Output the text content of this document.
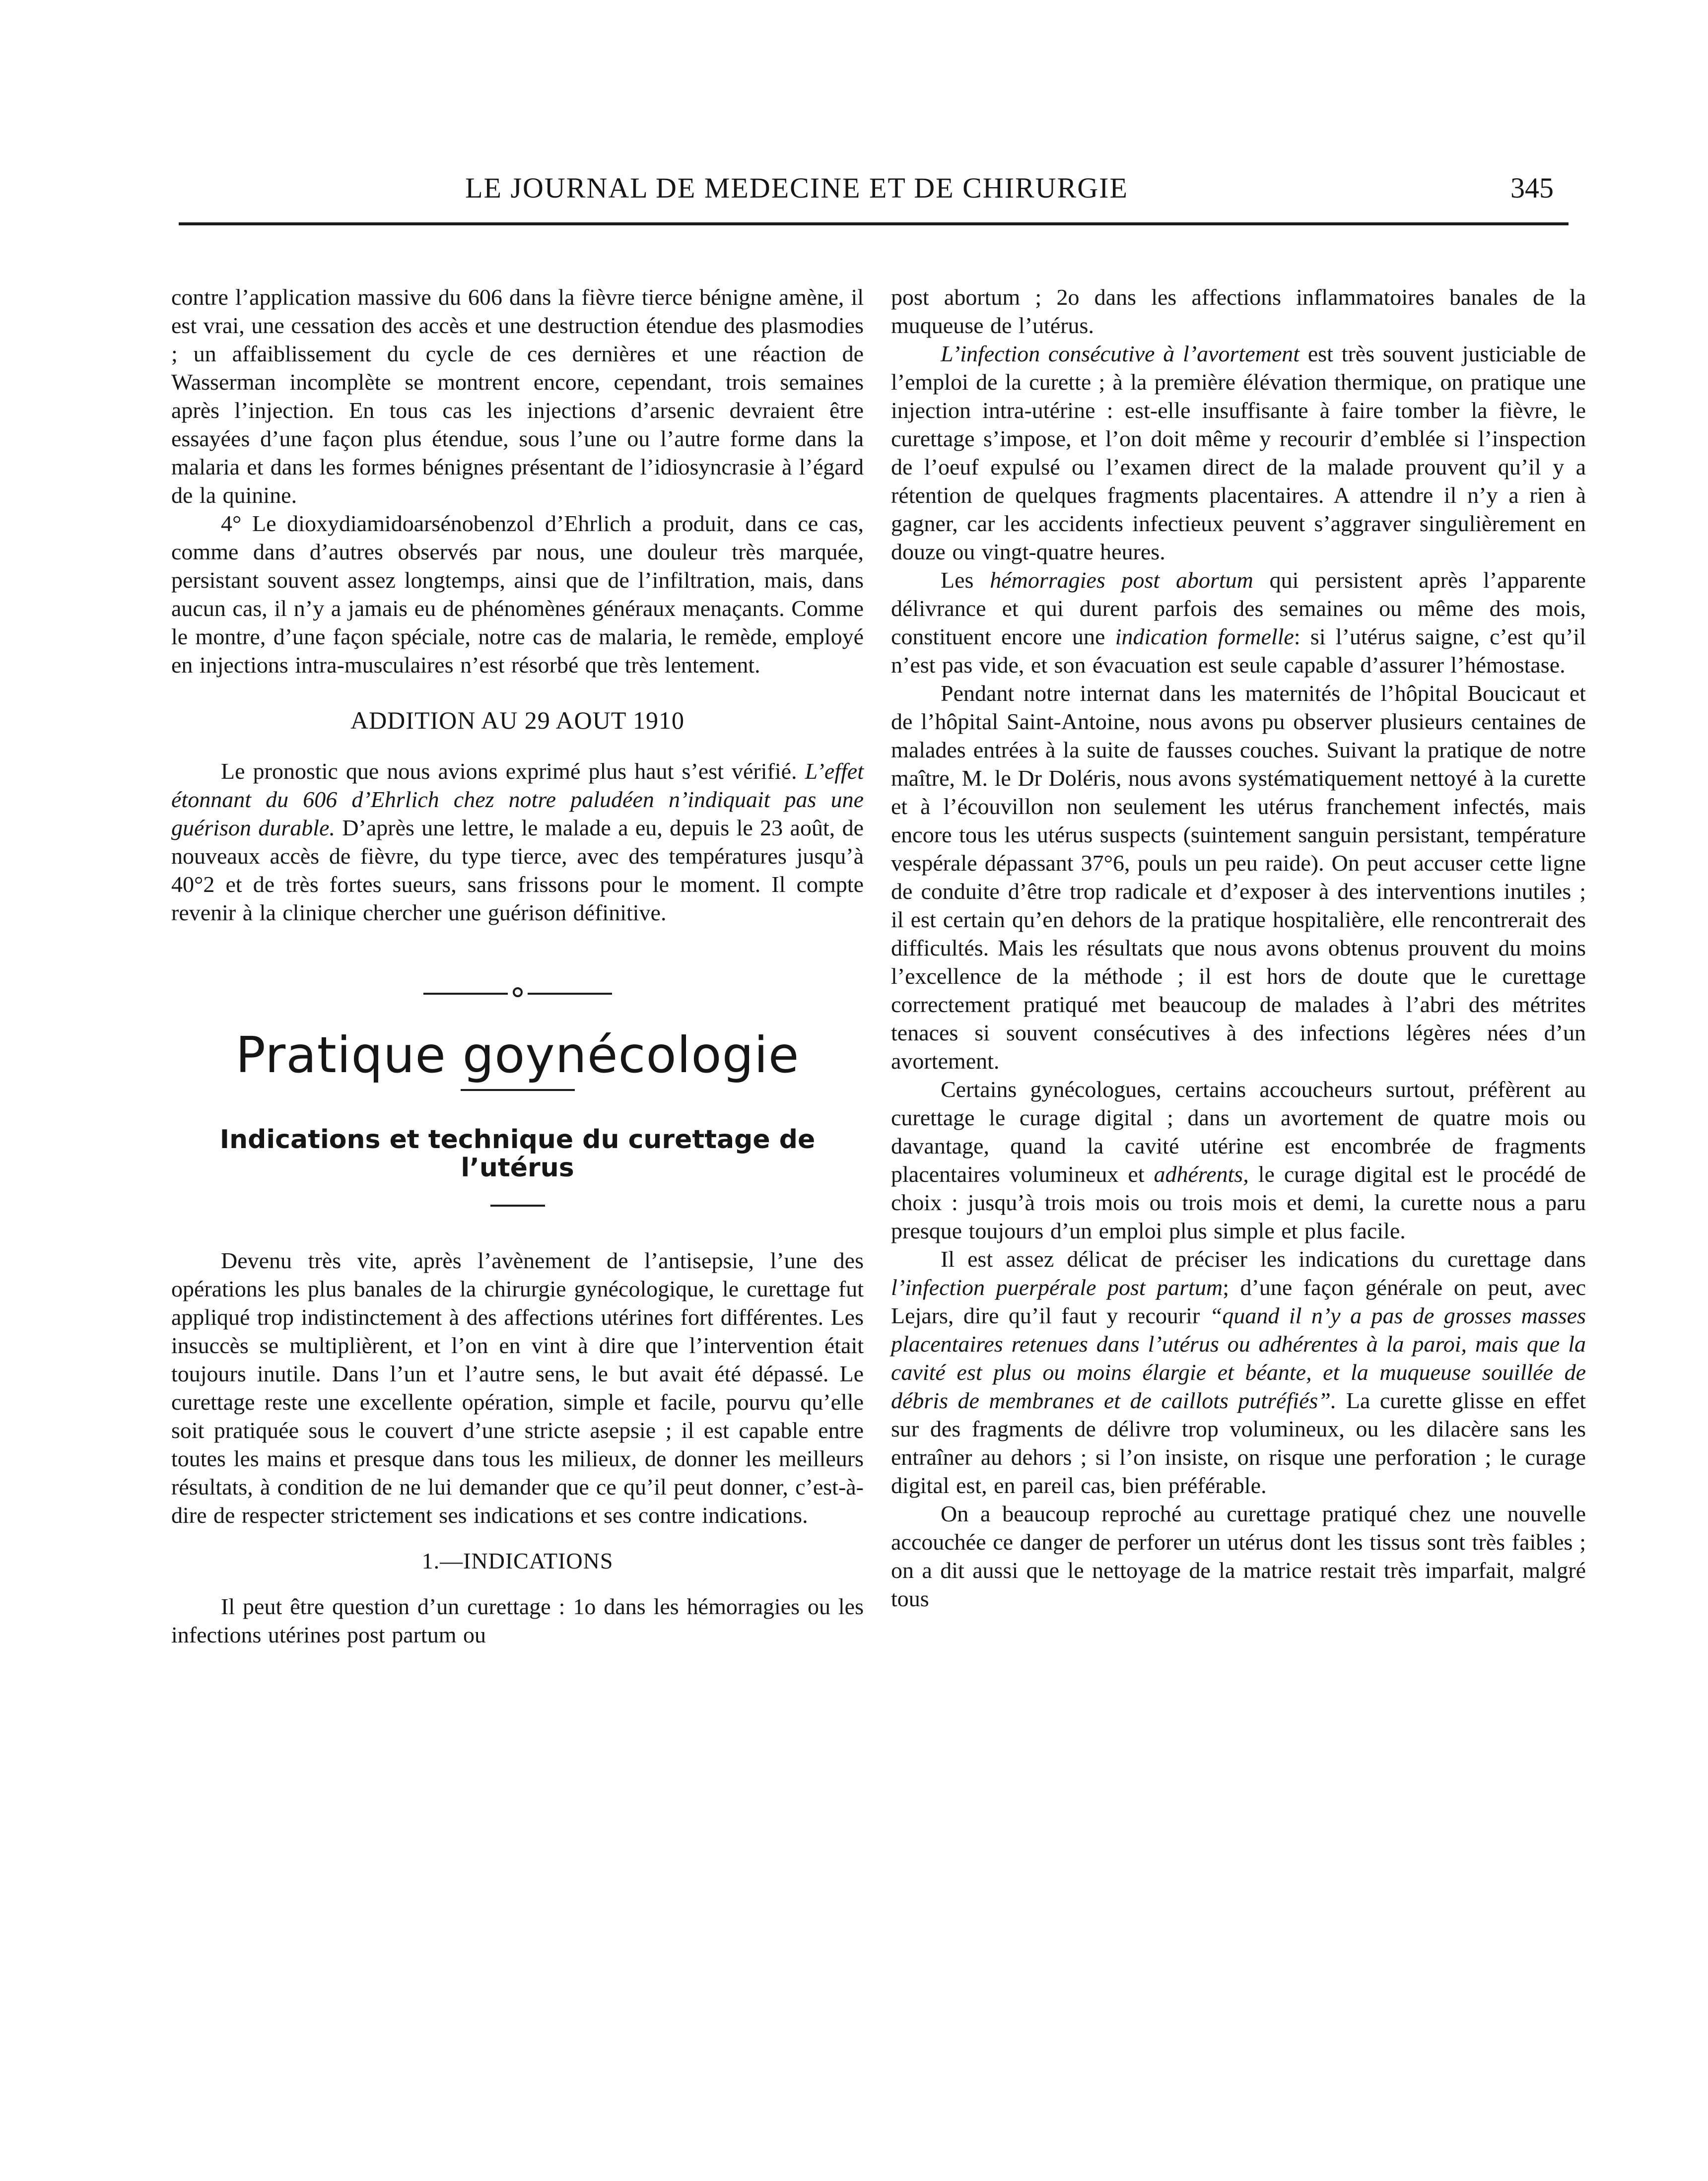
LE JOURNAL DE MEDECINE ET DE CHIRURGIE	345

contre l’application massive du 606 dans la fièvre tierce bénigne amène, il est vrai, une cessation des accès et une destruction étendue des plasmodies ; un affaiblissement du cycle de ces dernières et une réaction de Wasserman incomplète se montrent encore, cependant, trois semaines après l’injection. En tous cas les injections d’arsenic devraient être essayées d’une façon plus étendue, sous l’une ou l’autre forme dans la malaria et dans les formes bénignes présentant de l’idiosyncrasie à l’égard de la quinine.

4° Le dioxydiamidoarsénobenzol d’Ehrlich a produit, dans ce cas, comme dans d’autres observés par nous, une douleur très marquée, persistant souvent assez longtemps, ainsi que de l’infiltration, mais, dans aucun cas, il n’y a jamais eu de phénomènes généraux menaçants. Comme le montre, d’une façon spéciale, notre cas de malaria, le remède, employé en injections intra-musculaires n’est résorbé que très lentement.

ADDITION AU 29 AOUT 1910

Le pronostic que nous avions exprimé plus haut s’est vérifié. L’effet étonnant du 606 d’Ehrlich chez notre paludéen n’indiquait pas une guérison durable. D’après une lettre, le malade a eu, depuis le 23 août, de nouveaux accès de fièvre, du type tierce, avec des températures jusqu’à 40°2 et de très fortes sueurs, sans frissons pour le moment. Il compte revenir à la clinique chercher une guérison définitive.

Pratique goynécologie
Indications et technique du curettage de l’utérus

Devenu très vite, après l’avènement de l’antisepsie, l’une des opérations les plus banales de la chirurgie gynécologique, le curettage fut appliqué trop indistinctement à des affections utérines fort différentes. Les insuccès se multiplièrent, et l’on en vint à dire que l’intervention était toujours inutile. Dans l’un et l’autre sens, le but avait été dépassé. Le curettage reste une excellente opération, simple et facile, pourvu qu’elle soit pratiquée sous le couvert d’une stricte asepsie ; il est capable entre toutes les mains et presque dans tous les milieux, de donner les meilleurs résultats, à condition de ne lui demander que ce qu’il peut donner, c’est-à-dire de respecter strictement ses indications et ses contre indications.

1.—INDICATIONS

Il peut être question d’un curettage : 1o dans les hémorragies ou les infections utérines post partum ou

post abortum ; 2o dans les affections inflammatoires banales de la muqueuse de l’utérus.

L’infection consécutive à l’avortement est très souvent justiciable de l’emploi de la curette ; à la première élévation thermique, on pratique une injection intra-utérine : est-elle insuffisante à faire tomber la fièvre, le curettage s’impose, et l’on doit même y recourir d’emblée si l’inspection de l’oeuf expulsé ou l’examen direct de la malade prouvent qu’il y a rétention de quelques fragments placentaires. A attendre il n’y a rien à gagner, car les accidents infectieux peuvent s’aggraver singulièrement en douze ou vingt-quatre heures.

Les hémorragies post abortum qui persistent après l’apparente délivrance et qui durent parfois des semaines ou même des mois, constituent encore une indication formelle: si l’utérus saigne, c’est qu’il n’est pas vide, et son évacuation est seule capable d’assurer l’hémostase.

Pendant notre internat dans les maternités de l’hôpital Boucicaut et de l’hôpital Saint-Antoine, nous avons pu observer plusieurs centaines de malades entrées à la suite de fausses couches. Suivant la pratique de notre maître, M. le Dr Doléris, nous avons systématiquement nettoyé à la curette et à l’écouvillon non seulement les utérus franchement infectés, mais encore tous les utérus suspects (suintement sanguin persistant, température vespérale dépassant 37°6, pouls un peu raide). On peut accuser cette ligne de conduite d’être trop radicale et d’exposer à des interventions inutiles ; il est certain qu’en dehors de la pratique hospitalière, elle rencontrerait des difficultés. Mais les résultats que nous avons obtenus prouvent du moins l’excellence de la méthode ; il est hors de doute que le curettage correctement pratiqué met beaucoup de malades à l’abri des métrites tenaces si souvent consécutives à des infections légères nées d’un avortement.

Certains gynécologues, certains accoucheurs surtout, préfèrent au curettage le curage digital ; dans un avortement de quatre mois ou davantage, quand la cavité utérine est encombrée de fragments placentaires volumineux et adhérents, le curage digital est le procédé de choix : jusqu’à trois mois ou trois mois et demi, la curette nous a paru presque toujours d’un emploi plus simple et plus facile.

Il est assez délicat de préciser les indications du curettage dans l’infection puerpérale post partum; d’une façon générale on peut, avec Lejars, dire qu’il faut y recourir “quand il n’y a pas de grosses masses placentaires retenues dans l’utérus ou adhérentes à la paroi, mais que la cavité est plus ou moins élargie et béante, et la muqueuse souillée de débris de membranes et de caillots putréfiés”. La curette glisse en effet sur des fragments de délivre trop volumineux, ou les dilacère sans les entraîner au dehors ; si l’on insiste, on risque une perforation ; le curage digital est, en pareil cas, bien préférable.

On a beaucoup reproché au curettage pratiqué chez une nouvelle accouchée ce danger de perforer un utérus dont les tissus sont très faibles ; on a dit aussi que le nettoyage de la matrice restait très imparfait, malgré tous
